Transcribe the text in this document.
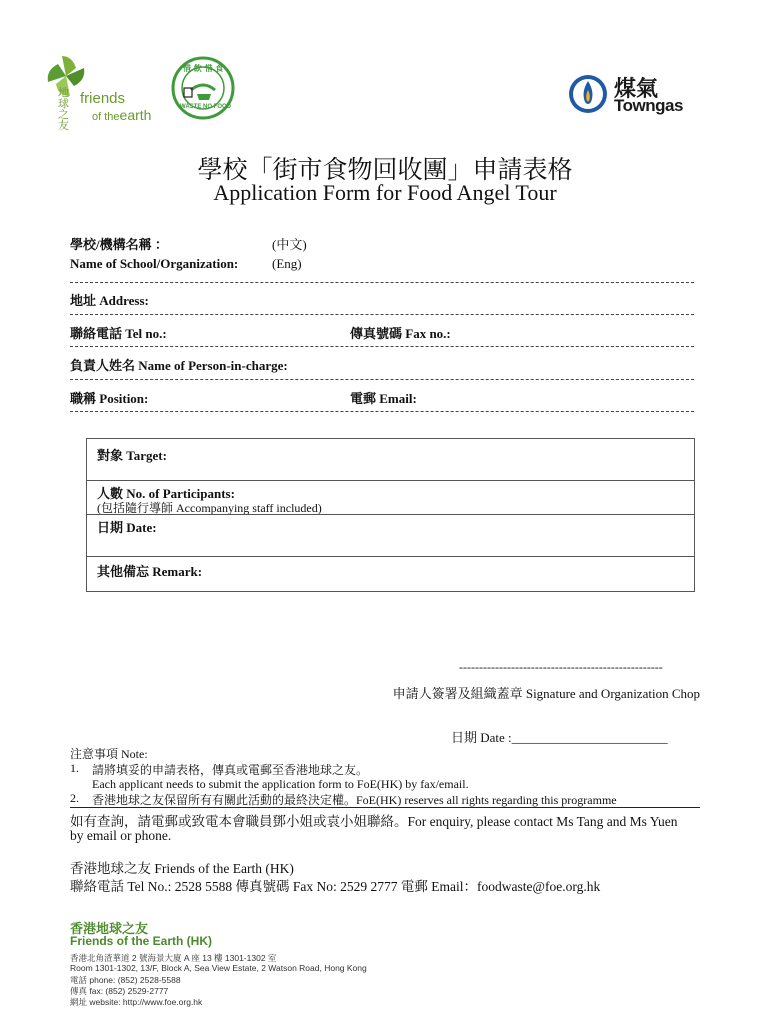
地球之友
friends
of theearth
惜 飲 惜 食
WASTE NO FOOD
煤氣
Towngas
學校「街市食物回收團」申請表格
Application Form for Food Angel Tour
學校/機構名稱 ：	(中文)
Name of School/Organization:	(Eng)
地址 Address:
聯絡電話 Tel no.:	傳真號碼 Fax no.:
負責人姓名 Name of Person-in-charge:
職稱 Position:	電郵 Email:
對象 Target:
人數 No. of Participants:
(包括隨行導師 Accompanying staff included)
日期 Date:
其他備忘 Remark:
---------------------------------------------------
申請人簽署及組織蓋章 Signature and Organization Chop
日期 Date :________________________
注意事項 Note:
1. 請將填妥的申請表格，傳真或電郵至香港地球之友。
Each applicant needs to submit the application form to FoE(HK) by fax/email.
2. 香港地球之友保留所有有關此活動的最終決定權。FoE(HK) reserves all rights regarding this programme
如有查詢，請電郵或致電本會職員鄧小姐或袁小姐聯絡。For enquiry, please contact Ms Tang and Ms Yuen
by email or phone.
香港地球之友 Friends of the Earth (HK)
聯絡電話 Tel No.: 2528 5588 傳真號碼 Fax No: 2529 2777 電郵 Email：foodwaste@foe.org.hk
香港地球之友
Friends of the Earth (HK)
香港北角渣華道 2 號海景大廈 A 座 13 樓 1301-1302 室
Room 1301-1302, 13/F, Block A, Sea View Estate, 2 Watson Road, Hong Kong
電話 phone: (852) 2528-5588
傳真 fax: (852) 2529-2777
網址 website: http://www.foe.org.hk
